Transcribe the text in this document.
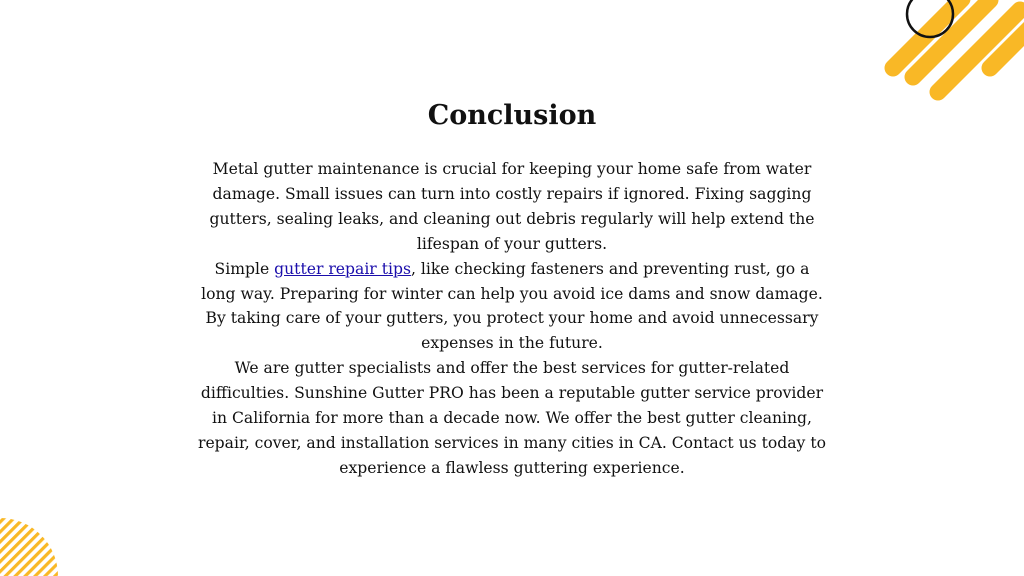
Conclusion
Metal gutter maintenance is crucial for keeping your home safe from water damage. Small issues can turn into costly repairs if ignored. Fixing sagging gutters, sealing leaks, and cleaning out debris regularly will help extend the lifespan of your gutters.
Simple gutter repair tips, like checking fasteners and preventing rust, go a long way. Preparing for winter can help you avoid ice dams and snow damage. By taking care of your gutters, you protect your home and avoid unnecessary expenses in the future.
We are gutter specialists and offer the best services for gutter-related difficulties. Sunshine Gutter PRO has been a reputable gutter service provider in California for more than a decade now. We offer the best gutter cleaning, repair, cover, and installation services in many cities in CA. Contact us today to experience a flawless guttering experience.
